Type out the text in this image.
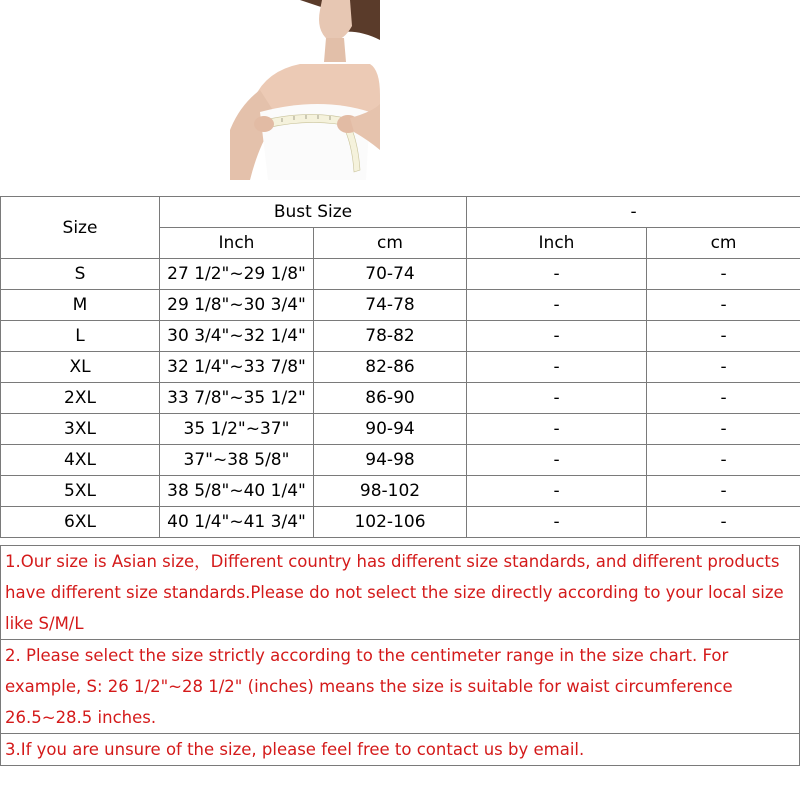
Size	Bust Size		-	
	Inch	cm	Inch	cm
S	27 1/2"~29 1/8"	70-74	-	-
M	29 1/8"~30 3/4"	74-78	-	-
L	30 3/4"~32 1/4"	78-82	-	-
XL	32 1/4"~33 7/8"	82-86	-	-
2XL	33 7/8"~35 1/2"	86-90	-	-
3XL	35 1/2"~37"	90-94	-	-
4XL	37"~38 5/8"	94-98	-	-
5XL	38 5/8"~40 1/4"	98-102	-	-
6XL	40 1/4"~41 3/4"	102-106	-	-
1.Our size is Asian size，Different country has different size standards, and different products have different size standards.Please do not select the size directly according to your local size like S/M/L
2. Please select the size strictly according to the centimeter range in the size chart. For example, S: 26 1/2"~28 1/2" (inches) means the size is suitable for waist circumference 26.5~28.5 inches.
3.If you are unsure of the size, please feel free to contact us by email.
